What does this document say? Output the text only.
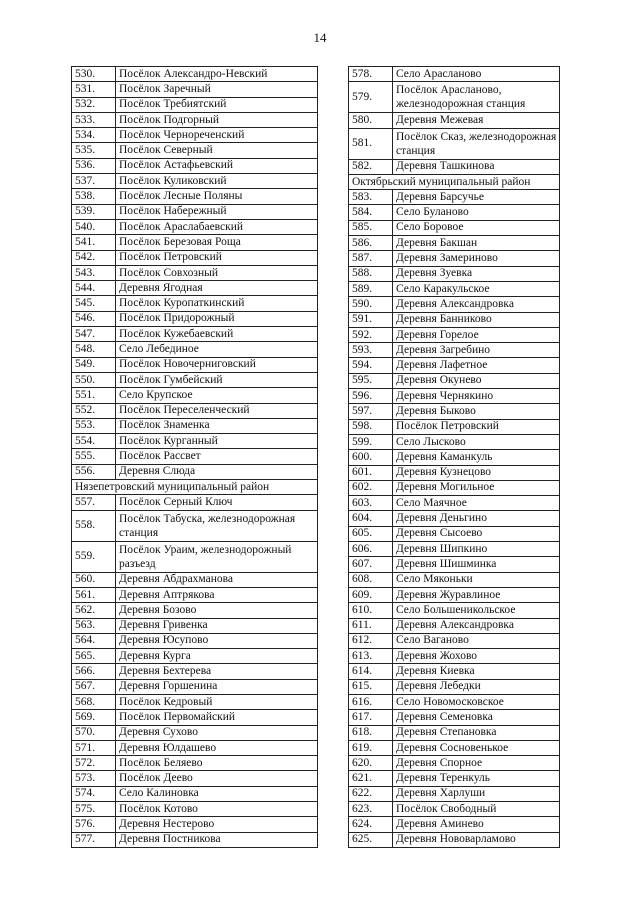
14
530.	Посёлок Александро-Невский
531.	Посёлок Заречный
532.	Посёлок Требиятский
533.	Посёлок Подгорный
534.	Посёлок Чернореченский
535.	Посёлок Северный
536.	Посёлок Астафьевский
537.	Посёлок Куликовский
538.	Посёлок Лесные Поляны
539.	Посёлок Набережный
540.	Посёлок Араслабаевский
541.	Посёлок Березовая Роща
542.	Посёлок Петровский
543.	Посёлок Совхозный
544.	Деревня Ягодная
545.	Посёлок Куропаткинский
546.	Посёлок Придорожный
547.	Посёлок Кужебаевский
548.	Село Лебединое
549.	Посёлок Новочерниговский
550.	Посёлок Гумбейский
551.	Село Крупское
552.	Посёлок Переселенческий
553.	Посёлок Знаменка
554.	Посёлок Курганный
555.	Посёлок Рассвет
556.	Деревня Слюда
Нязепетровский муниципальный район	
557.	Посёлок Серный Ключ
558.	Посёлок Табуска, железнодорожная станция
559.	Посёлок Ураим, железнодорожный разъезд
560.	Деревня Абдрахманова
561.	Деревня Аптрякова
562.	Деревня Бозово
563.	Деревня Гривенка
564.	Деревня Юсупово
565.	Деревня Курга
566.	Деревня Бехтерева
567.	Деревня Горшенина
568.	Посёлок Кедровый
569.	Посёлок Первомайский
570.	Деревня Сухово
571.	Деревня Юлдашево
572.	Посёлок Беляево
573.	Посёлок Деево
574.	Село Калиновка
575.	Посёлок Котово
576.	Деревня Нестерово
577.	Деревня Постникова
578.	Село Арасланово
579.	Посёлок Арасланово, железнодорожная станция
580.	Деревня Межевая
581.	Посёлок Сказ, железнодорожная станция
582.	Деревня Ташкинова
Октябрьский муниципальный район	
583.	Деревня Барсучье
584.	Село Буланово
585.	Село Боровое
586.	Деревня Бакшан
587.	Деревня Замериново
588.	Деревня Зуевка
589.	Село Каракульское
590.	Деревня Александровка
591.	Деревня Банниково
592.	Деревня Горелое
593.	Деревня Загребино
594.	Деревня Лафетное
595.	Деревня Окунево
596.	Деревня Чернякино
597.	Деревня Быково
598.	Посёлок Петровский
599.	Село Лысково
600.	Деревня Каманкуль
601.	Деревня Кузнецово
602.	Деревня Могильное
603.	Село Маячное
604.	Деревня Деньгино
605.	Деревня Сысоево
606.	Деревня Шипкино
607.	Деревня Шишминка
608.	Село Мяконьки
609.	Деревня Журавлиное
610.	Село Большеникольское
611.	Деревня Александровка
612.	Село Ваганово
613.	Деревня Жохово
614.	Деревня Киевка
615.	Деревня Лебедки
616.	Село Новомосковское
617.	Деревня Семеновка
618.	Деревня Степановка
619.	Деревня Сосновенькое
620.	Деревня Спорное
621.	Деревня Теренкуль
622.	Деревня Харлуши
623.	Посёлок Свободный
624.	Деревня Аминево
625.	Деревня Нововарламово
